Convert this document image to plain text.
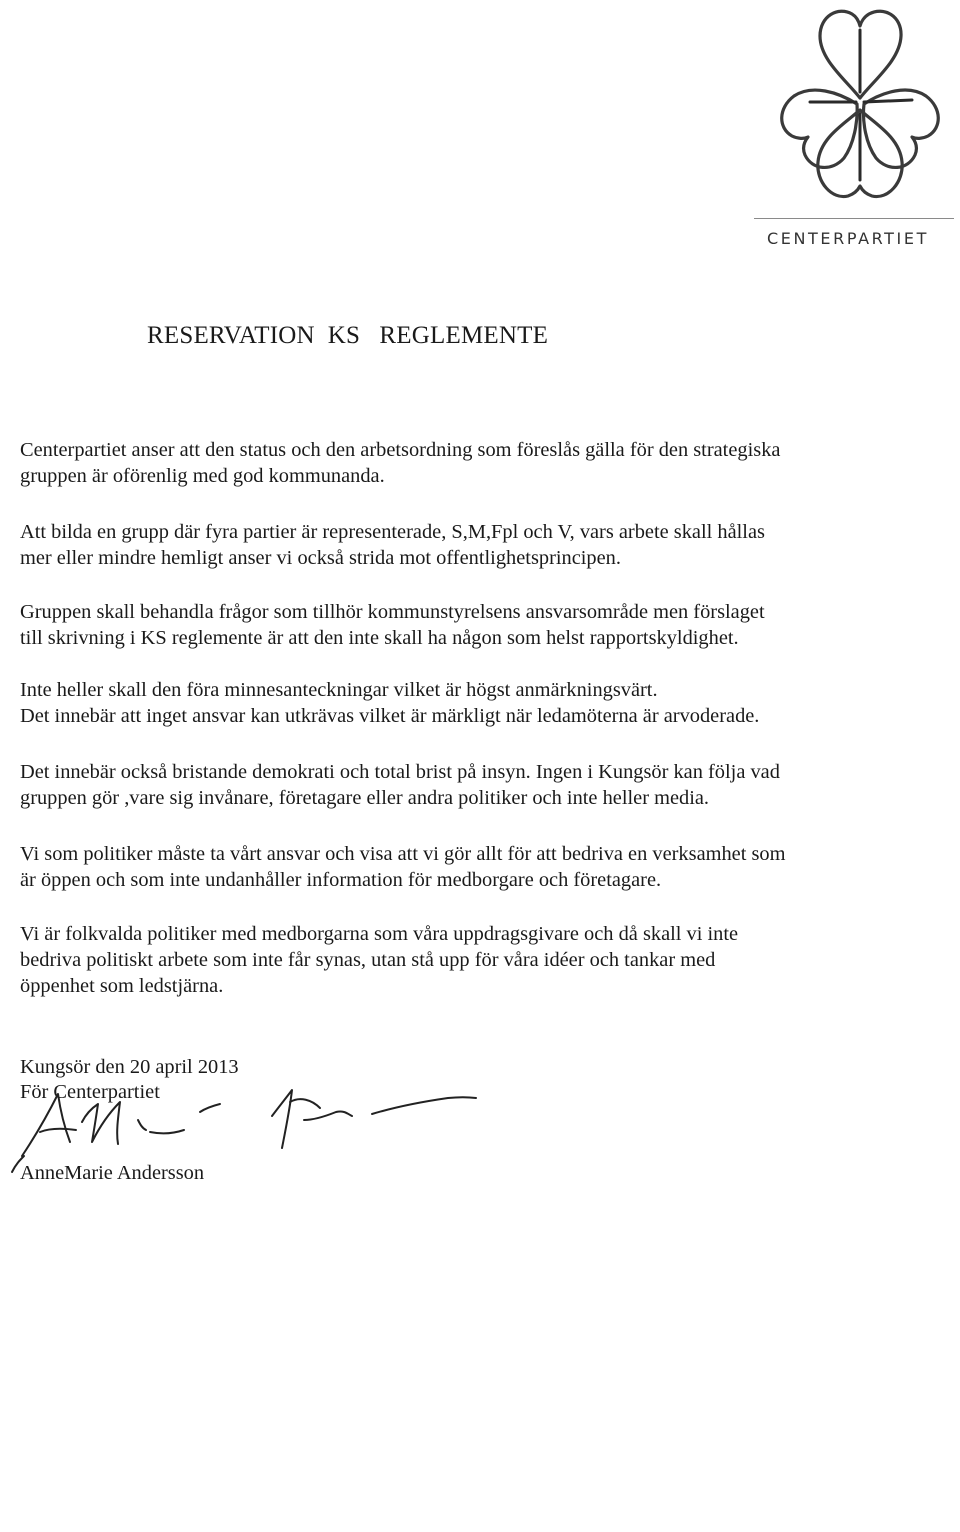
CENTERPARTIET
RESERVATION  KS   REGLEMENTE

Centerpartiet anser att den status och den arbetsordning som föreslås gälla för den strategiska
gruppen är oförenlig med god kommunanda.

Att bilda en grupp där fyra partier är representerade, S,M,Fpl och V, vars arbete skall hållas
mer eller mindre hemligt anser vi också strida mot offentlighetsprincipen.

Gruppen skall behandla frågor som tillhör kommunstyrelsens ansvarsområde men förslaget
till skrivning i KS reglemente är att den inte skall ha någon som helst rapportskyldighet.

Inte heller skall den föra minnesanteckningar vilket är högst anmärkningsvärt.
Det innebär att inget ansvar kan utkrävas vilket är märkligt när ledamöterna är arvoderade.

Det innebär också bristande demokrati och total brist på insyn. Ingen i Kungsör kan följa vad
gruppen gör ,vare sig invånare, företagare eller andra politiker och inte heller media.

Vi som politiker måste ta vårt ansvar och visa att vi gör allt för att bedriva en verksamhet som
är öppen och som inte undanhåller information för medborgare och företagare.

Vi är folkvalda politiker med medborgarna som våra uppdragsgivare och då skall vi inte
bedriva politiskt arbete som inte får synas, utan stå upp för våra idéer och tankar med
öppenhet som ledstjärna.

Kungsör den 20 april 2013
För Centerpartiet
AnneMarie Andersson
